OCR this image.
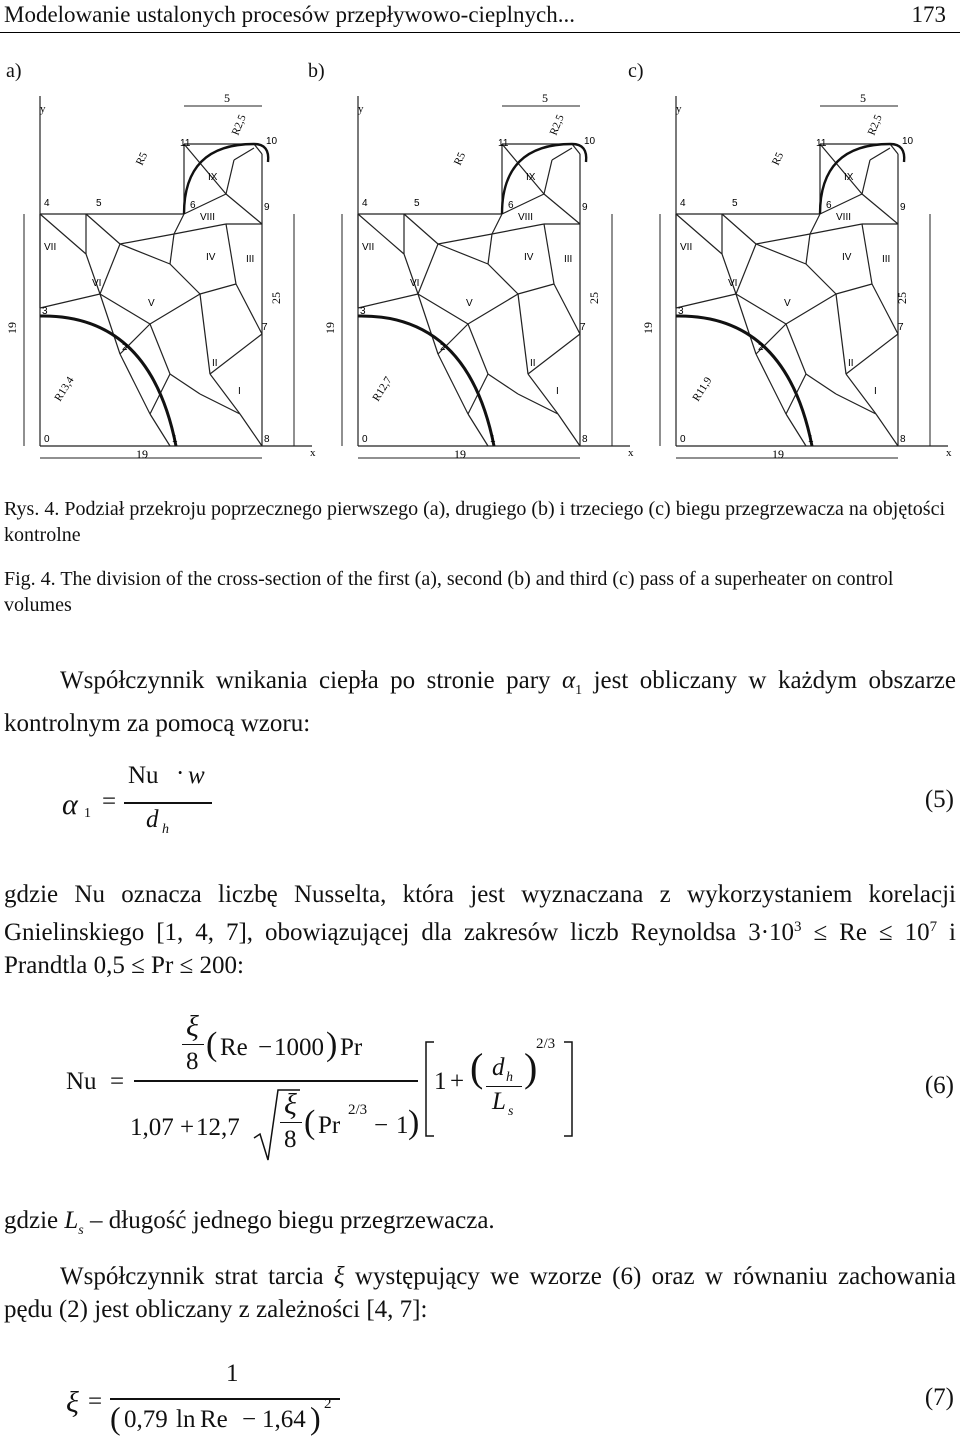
Modelowanie ustalonych procesów przepływowo-cieplnych...	173
a)	b)	c)
0	1
2
3
4	5	6
7
8
9
10
11
I
II
III
IV
V
VI
VII
VIII
IX
y
x
5
R2,5
R5
25
19
19
R13,4
0	1
2
3
4	5	6
7
8
9
10
11
I
II
III
IV
V
VI
VII
VIII
IX
y
x
5
R2,5
R5
25
19
19
R12,7
0	1
2
3
4	5	6
7
8
9
10
11
I
II
III
IV
V
VI
VII
VIII
IX
y
x
5
R2,5
R5
25
19
19
R11,9
Rys. 4. Podział przekroju poprzecznego pierwszego (a), drugiego (b) i trzeciego (c) biegu przegrzewacza na objętości kontrolne
Fig. 4. The division of the cross-section of the first (a), second (b) and third (c) pass of a superheater on control volumes
Współczynnik wnikania ciepła po stronie pary $\alpha_1$ jest obliczany w każdym obszarze kontrolnym za pomocą wzoru:
α 1 =
Nu · w
d h
(5)
gdzie Nu oznacza liczbę Nusselta, która jest wyznaczana z wykorzystaniem korelacji Gnielinskiego [1, 4, 7], obowiązującej dla zakresów liczb Reynoldsa $3\cdot 10^3 \le Re \le 10^7$ i Prandtla 0,5 ≤ Pr ≤ 200:
Nu =
ξ
8 ( Re − 1000 ) Pr
1,07 + 12,7
ξ
8 ( Pr
2/3
− 1 )
1 + ( d h
L s
)
2/3
(6)
gdzie $L_s$ – długość jednego biegu przegrzewacza.
Współczynnik strat tarcia ξ występujący we wzorze (6) oraz w równaniu zachowania pędu (2) jest obliczany z zależności [4, 7]:
ξ =
1
( 0,79 ln Re − 1,64 ) 2	(7)
